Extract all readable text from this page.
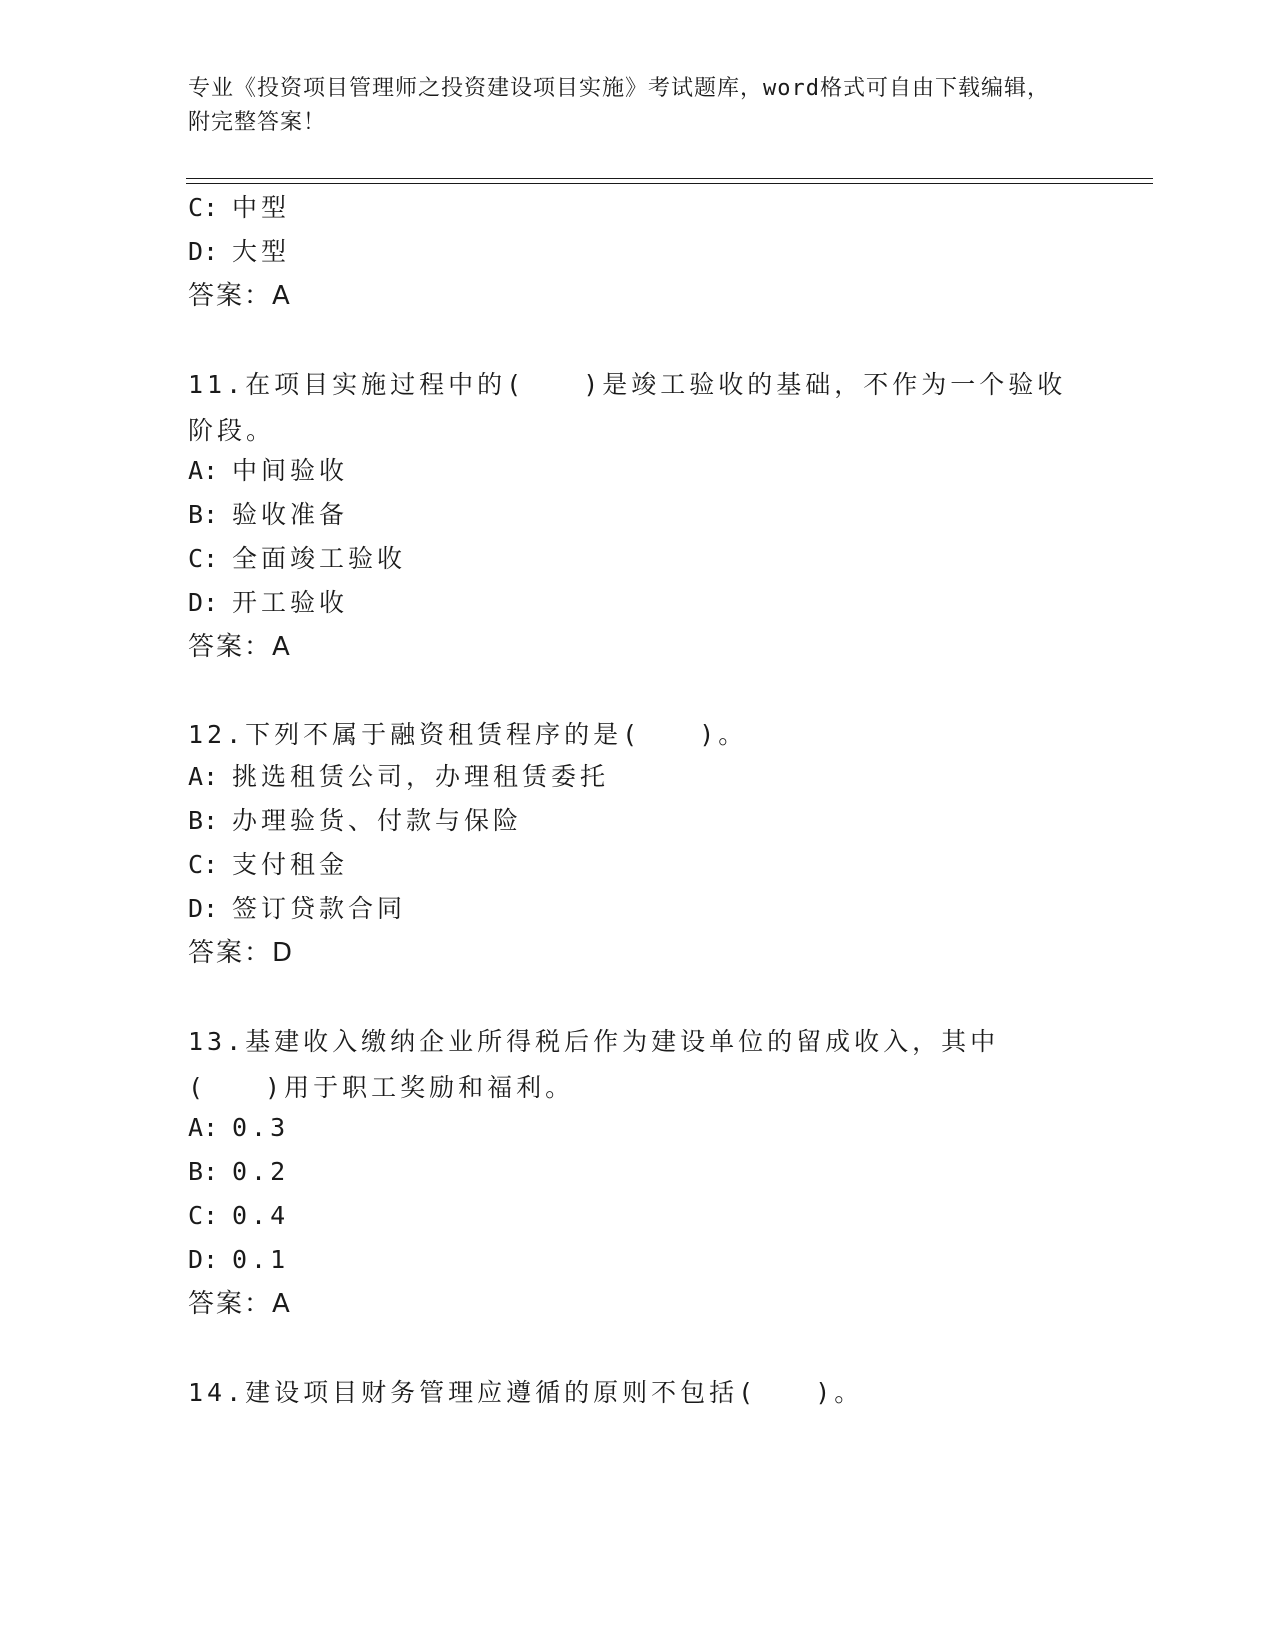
专业《投资项目管理师之投资建设项目实施》考试题库，word格式可自由下载编辑，附完整答案！
C: 中型
D: 大型
答案：A
11.在项目实施过程中的(　　)是竣工验收的基础，不作为一个验收阶段。
A: 中间验收
B: 验收准备
C: 全面竣工验收
D: 开工验收
答案：A
12.下列不属于融资租赁程序的是(　　)。
A: 挑选租赁公司，办理租赁委托
B: 办理验货、付款与保险
C: 支付租金
D: 签订贷款合同
答案：D
13.基建收入缴纳企业所得税后作为建设单位的留成收入，其中(　　)用于职工奖励和福利。
A: 0.3
B: 0.2
C: 0.4
D: 0.1
答案：A
14.建设项目财务管理应遵循的原则不包括(　　)。
